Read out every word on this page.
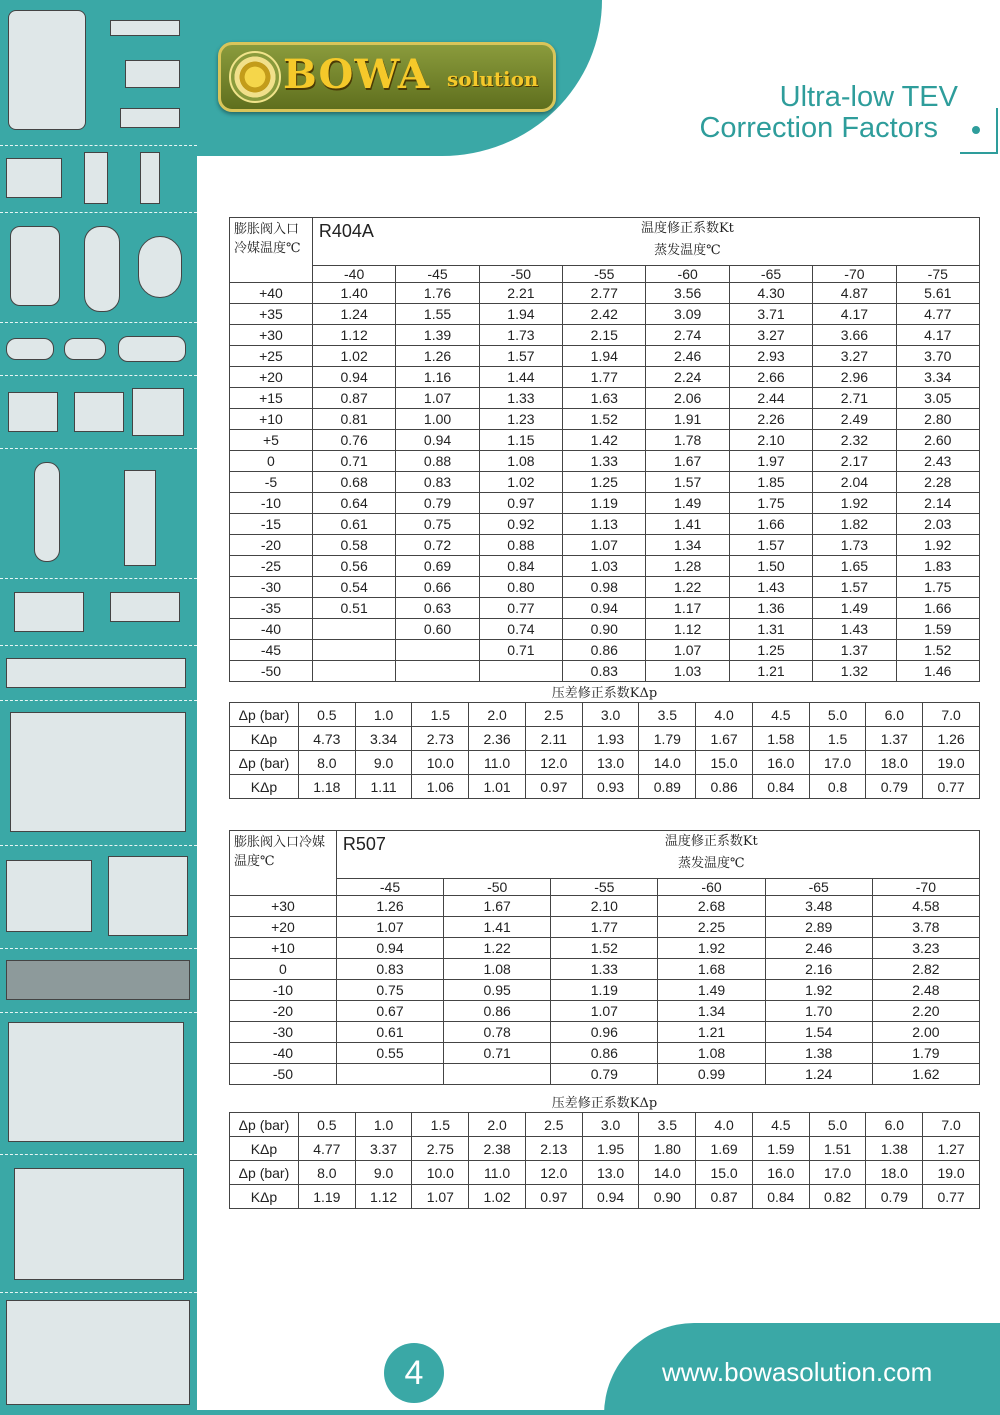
BOWA solution
Ultra-low TEV
Correction Factors
膨胀阀入口冷媒温度℃	R404A	温度修正系数Kt
蒸发温度℃						

	-40	-45	-50	-55	-60	-65	-70	-75
+40	1.40	1.76	2.21	2.77	3.56	4.30	4.87	5.61
+35	1.24	1.55	1.94	2.42	3.09	3.71	4.17	4.77
+30	1.12	1.39	1.73	2.15	2.74	3.27	3.66	4.17
+25	1.02	1.26	1.57	1.94	2.46	2.93	3.27	3.70
+20	0.94	1.16	1.44	1.77	2.24	2.66	2.96	3.34
+15	0.87	1.07	1.33	1.63	2.06	2.44	2.71	3.05
+10	0.81	1.00	1.23	1.52	1.91	2.26	2.49	2.80
+5	0.76	0.94	1.15	1.42	1.78	2.10	2.32	2.60
0	0.71	0.88	1.08	1.33	1.67	1.97	2.17	2.43
-5	0.68	0.83	1.02	1.25	1.57	1.85	2.04	2.28
-10	0.64	0.79	0.97	1.19	1.49	1.75	1.92	2.14
-15	0.61	0.75	0.92	1.13	1.41	1.66	1.82	2.03
-20	0.58	0.72	0.88	1.07	1.34	1.57	1.73	1.92
-25	0.56	0.69	0.84	1.03	1.28	1.50	1.65	1.83
-30	0.54	0.66	0.80	0.98	1.22	1.43	1.57	1.75
-35	0.51	0.63	0.77	0.94	1.17	1.36	1.49	1.66
-40		0.60	0.74	0.90	1.12	1.31	1.43	1.59
-45			0.71	0.86	1.07	1.25	1.37	1.52
-50				0.83	1.03	1.21	1.32	1.46
压差修正系数KΔp
Δp (bar)	0.5	1.0	1.5	2.0	2.5	3.0	3.5	4.0	4.5	5.0	6.0	7.0
KΔp	4.73	3.34	2.73	2.36	2.11	1.93	1.79	1.67	1.58	1.5	1.37	1.26
Δp (bar)	8.0	9.0	10.0	11.0	12.0	13.0	14.0	15.0	16.0	17.0	18.0	19.0
KΔp	1.18	1.11	1.06	1.01	0.97	0.93	0.89	0.86	0.84	0.8	0.79	0.77
膨胀阀入口冷媒温度℃	R507	温度修正系数Kt
蒸发温度℃				

	-45	-50	-55	-60	-65	-70
+30	1.26	1.67	2.10	2.68	3.48	4.58
+20	1.07	1.41	1.77	2.25	2.89	3.78
+10	0.94	1.22	1.52	1.92	2.46	3.23
0	0.83	1.08	1.33	1.68	2.16	2.82
-10	0.75	0.95	1.19	1.49	1.92	2.48
-20	0.67	0.86	1.07	1.34	1.70	2.20
-30	0.61	0.78	0.96	1.21	1.54	2.00
-40	0.55	0.71	0.86	1.08	1.38	1.79
-50			0.79	0.99	1.24	1.62
压差修正系数KΔp
Δp (bar)	0.5	1.0	1.5	2.0	2.5	3.0	3.5	4.0	4.5	5.0	6.0	7.0
KΔp	4.77	3.37	2.75	2.38	2.13	1.95	1.80	1.69	1.59	1.51	1.38	1.27
Δp (bar)	8.0	9.0	10.0	11.0	12.0	13.0	14.0	15.0	16.0	17.0	18.0	19.0
KΔp	1.19	1.12	1.07	1.02	0.97	0.94	0.90	0.87	0.84	0.82	0.79	0.77
4	www.bowasolution.com
